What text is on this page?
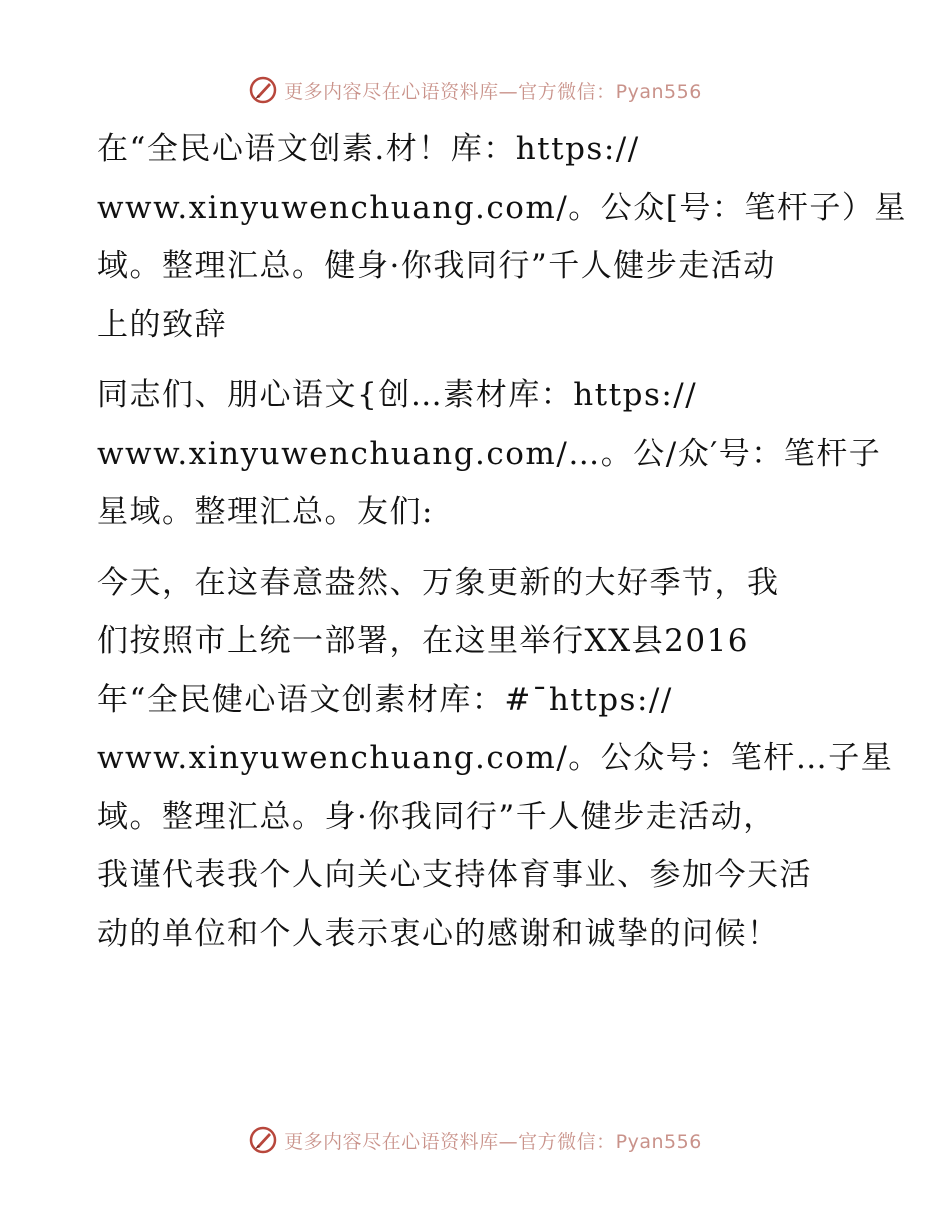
更多内容尽在心语资料库—官方微信：Pyan556

在“全民心语文创素.材！库：https://
www.xinyuwenchuang.com/。公众[号：笔杆子）星
域。整理汇总。健身·你我同行”千人健步走活动
上的致辞

同志们、朋心语文{创…素材库：https://
www.xinyuwenchuang.com/…。公/众′号：笔杆子
星域。整理汇总。友们:

今天，在这春意盎然、万象更新的大好季节，我
们按照市上统一部署，在这里举行XX县2016
年“全民健心语文创素材库：#¯https://
www.xinyuwenchuang.com/。公众号：笔杆…子星
域。整理汇总。身·你我同行”千人健步走活动，
我谨代表我个人向关心支持体育事业、参加今天活
动的单位和个人表示衷心的感谢和诚挚的问候！

更多内容尽在心语资料库—官方微信：Pyan556
